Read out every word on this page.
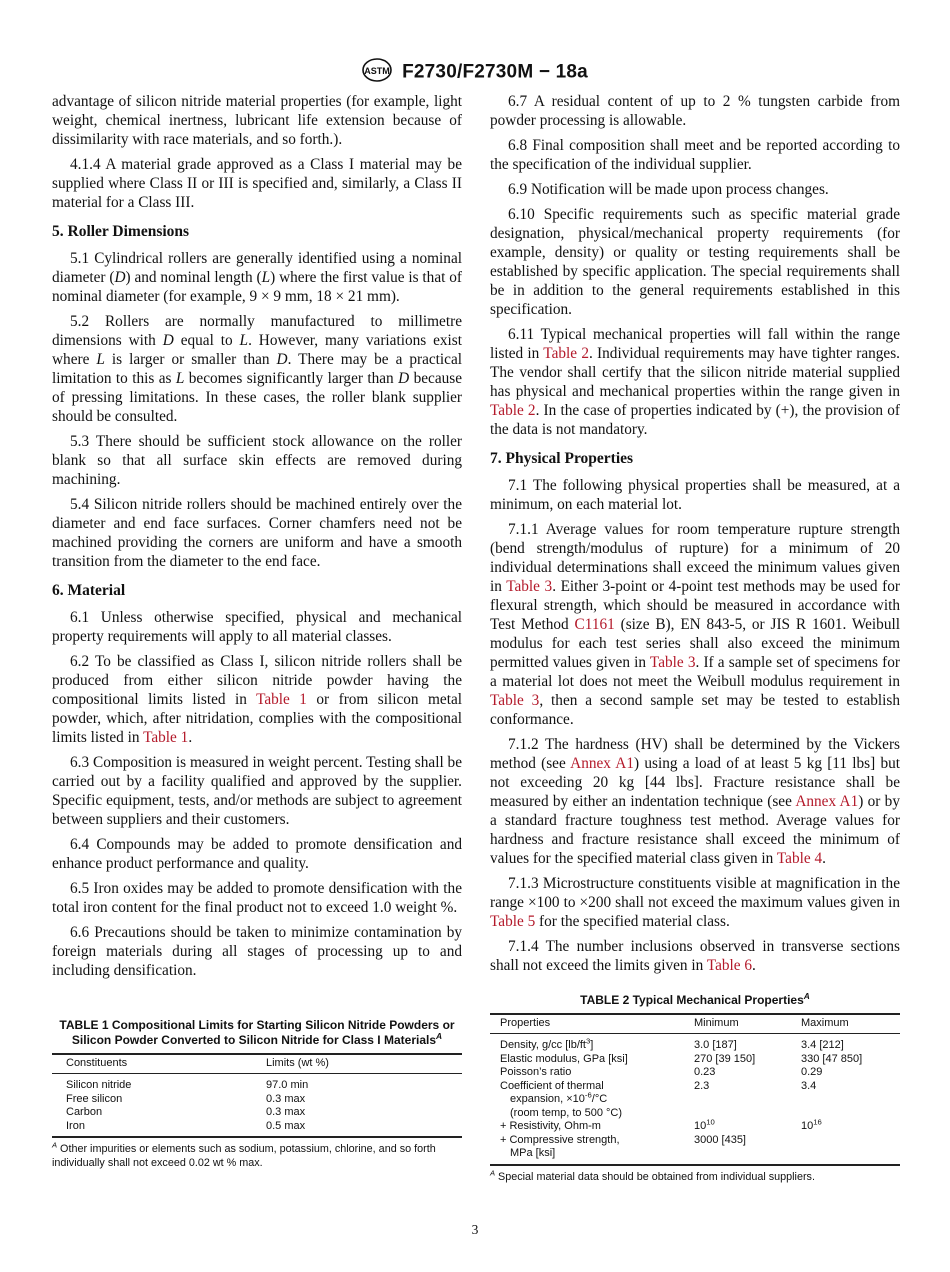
ASTM F2730/F2730M − 18a

advantage of silicon nitride material properties (for example, light weight, chemical inertness, lubricant life extension because of dissimilarity with race materials, and so forth.).

4.1.4 A material grade approved as a Class I material may be supplied where Class II or III is specified and, similarly, a Class II material for a Class III.

5. Roller Dimensions

5.1 Cylindrical rollers are generally identified using a nominal diameter (D) and nominal length (L) where the first value is that of nominal diameter (for example, 9 × 9 mm, 18 × 21 mm).

5.2 Rollers are normally manufactured to millimetre dimensions with D equal to L. However, many variations exist where L is larger or smaller than D. There may be a practical limitation to this as L becomes significantly larger than D because of pressing limitations. In these cases, the roller blank supplier should be consulted.

5.3 There should be sufficient stock allowance on the roller blank so that all surface skin effects are removed during machining.

5.4 Silicon nitride rollers should be machined entirely over the diameter and end face surfaces. Corner chamfers need not be machined providing the corners are uniform and have a smooth transition from the diameter to the end face.

6. Material

6.1 Unless otherwise specified, physical and mechanical property requirements will apply to all material classes.

6.2 To be classified as Class I, silicon nitride rollers shall be produced from either silicon nitride powder having the compositional limits listed in Table 1 or from silicon metal powder, which, after nitridation, complies with the compositional limits listed in Table 1.

6.3 Composition is measured in weight percent. Testing shall be carried out by a facility qualified and approved by the supplier. Specific equipment, tests, and/or methods are subject to agreement between suppliers and their customers.

6.4 Compounds may be added to promote densification and enhance product performance and quality.

6.5 Iron oxides may be added to promote densification with the total iron content for the final product not to exceed 1.0 weight %.

6.6 Precautions should be taken to minimize contamination by foreign materials during all stages of processing up to and including densification.

6.7 A residual content of up to 2 % tungsten carbide from powder processing is allowable.

6.8 Final composition shall meet and be reported according to the specification of the individual supplier.

6.9 Notification will be made upon process changes.

6.10 Specific requirements such as specific material grade designation, physical/mechanical property requirements (for example, density) or quality or testing requirements shall be established by specific application. The special requirements shall be in addition to the general requirements established in this specification.

6.11 Typical mechanical properties will fall within the range listed in Table 2. Individual requirements may have tighter ranges. The vendor shall certify that the silicon nitride material supplied has physical and mechanical properties within the range given in Table 2. In the case of properties indicated by (+), the provision of the data is not mandatory.

7. Physical Properties

7.1 The following physical properties shall be measured, at a minimum, on each material lot.

7.1.1 Average values for room temperature rupture strength (bend strength/modulus of rupture) for a minimum of 20 individual determinations shall exceed the minimum values given in Table 3. Either 3-point or 4-point test methods may be used for flexural strength, which should be measured in accordance with Test Method C1161 (size B), EN 843-5, or JIS R 1601. Weibull modulus for each test series shall also exceed the minimum permitted values given in Table 3. If a sample set of specimens for a material lot does not meet the Weibull modulus requirement in Table 3, then a second sample set may be tested to establish conformance.

7.1.2 The hardness (HV) shall be determined by the Vickers method (see Annex A1) using a load of at least 5 kg [11 lbs] but not exceeding 20 kg [44 lbs]. Fracture resistance shall be measured by either an indentation technique (see Annex A1) or by a standard fracture toughness test method. Average values for hardness and fracture resistance shall exceed the minimum of values for the specified material class given in Table 4.

7.1.3 Microstructure constituents visible at magnification in the range ×100 to ×200 shall not exceed the maximum values given in Table 5 for the specified material class.

7.1.4 The number inclusions observed in transverse sections shall not exceed the limits given in Table 6.

TABLE 1 Compositional Limits for Starting Silicon Nitride Powders or Silicon Powder Converted to Silicon Nitride for Class I Materials$^A$
Constituents	Limits (wt %)
Silicon nitride	97.0 min
Free silicon	0.3 max
Carbon	0.3 max
Iron	0.5 max
$^A$ Other impurities or elements such as sodium, potassium, chlorine, and so forth individually shall not exceed 0.02 wt % max.
TABLE 2 Typical Mechanical Properties$^A$
Properties	Minimum	Maximum
Density, g/cc $[lb/ft^3]$	3.0 [187]	3.4 [212]
Elastic modulus, GPa [ksi]	270 [39 150]	330 [47 850]
Poisson’s ratio	0.23	0.29
Coefficient of thermal	2.3	3.4
expansion, $\times 10^{-6}/^\circ C$		
(room temp, to 500 °C)		
+ Resistivity, Ohm-m	$10^{10}$	$10^{16}$
+ Compressive strength,	3000 [435]	
MPa [ksi]		
$^A$ Special material data should be obtained from individual suppliers.
3
